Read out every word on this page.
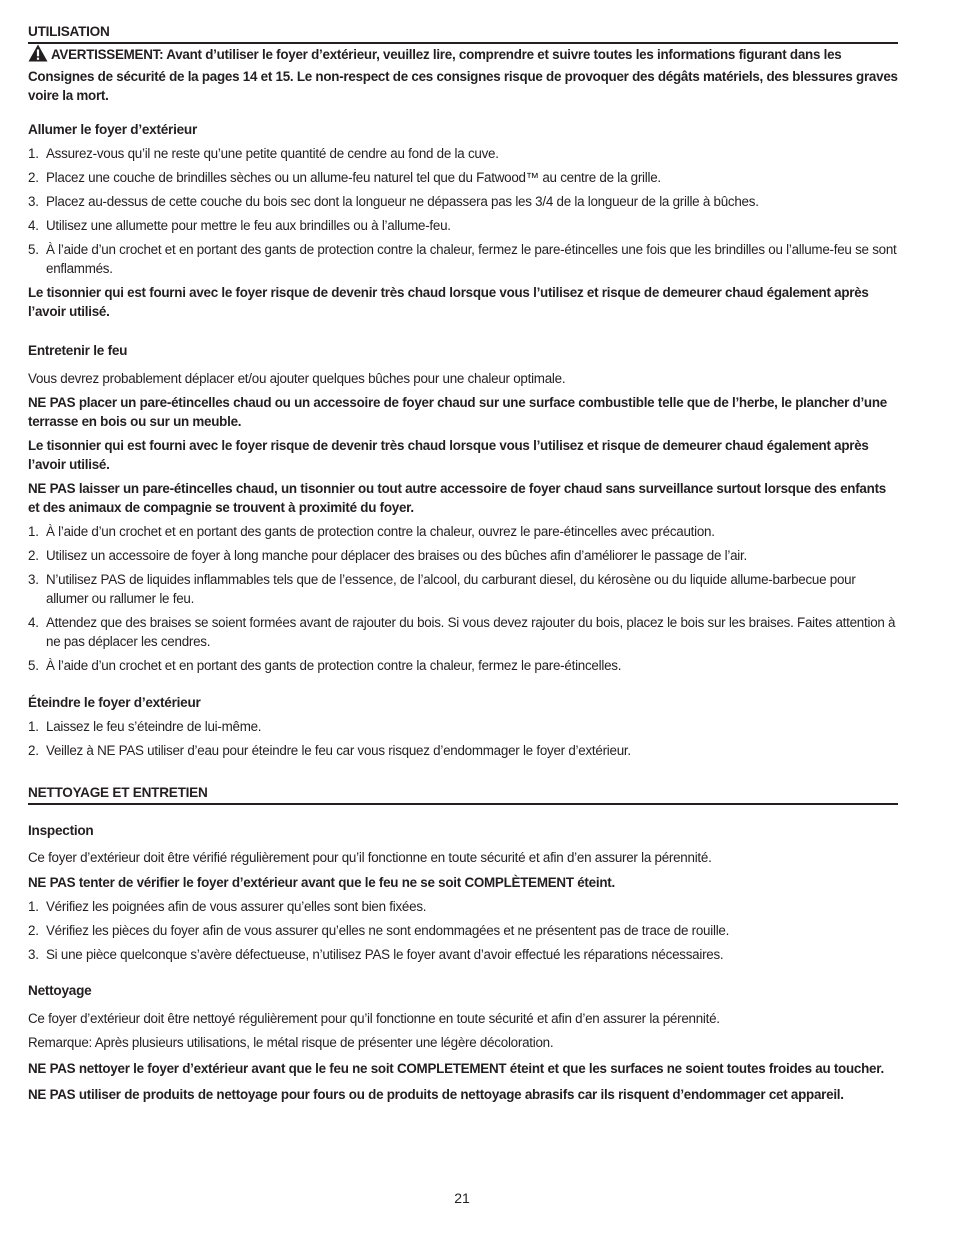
UTILISATION

AVERTISSEMENT: Avant d’utiliser le foyer d’extérieur, veuillez lire, comprendre et suivre toutes les informations figurant dans les Consignes de sécurité de la pages 14 et 15. Le non-respect de ces consignes risque de provoquer des dégâts matériels, des blessures graves voire la mort.

Allumer le foyer d’extérieur

1. Assurez-vous qu’il ne reste qu’une petite quantité de cendre au fond de la cuve.
2. Placez une couche de brindilles sèches ou un allume-feu naturel tel que du Fatwood™ au centre de la grille.
3. Placez au-dessus de cette couche du bois sec dont la longueur ne dépassera pas les 3/4 de la longueur de la grille à bûches.
4. Utilisez une allumette pour mettre le feu aux brindilles ou à l’allume-feu.
5. À l’aide d’un crochet et en portant des gants de protection contre la chaleur, fermez le pare-étincelles une fois que les brindilles ou l’allume-feu se sont enflammés.

Le tisonnier qui est fourni avec le foyer risque de devenir très chaud lorsque vous l’utilisez et risque de demeurer chaud également après l’avoir utilisé.

Entretenir le feu

Vous devrez probablement déplacer et/ou ajouter quelques bûches pour une chaleur optimale.

NE PAS placer un pare-étincelles chaud ou un accessoire de foyer chaud sur une surface combustible telle que de l’herbe, le plancher d’une terrasse en bois ou sur un meuble.

Le tisonnier qui est fourni avec le foyer risque de devenir très chaud lorsque vous l’utilisez et risque de demeurer chaud également après l’avoir utilisé.

NE PAS laisser un pare-étincelles chaud, un tisonnier ou tout autre accessoire de foyer chaud sans surveillance surtout lorsque des enfants et des animaux de compagnie se trouvent à proximité du foyer.

1. À l’aide d’un crochet et en portant des gants de protection contre la chaleur, ouvrez le pare-étincelles avec précaution.
2. Utilisez un accessoire de foyer à long manche pour déplacer des braises ou des bûches afin d’améliorer le passage de l’air.
3. N’utilisez PAS de liquides inflammables tels que de l’essence, de l’alcool, du carburant diesel, du kérosène ou du liquide allume-barbecue pour allumer ou rallumer le feu.
4. Attendez que des braises se soient formées avant de rajouter du bois. Si vous devez rajouter du bois, placez le bois sur les braises. Faites attention à ne pas déplacer les cendres.
5. À l’aide d’un crochet et en portant des gants de protection contre la chaleur, fermez le pare-étincelles.

Éteindre le foyer d’extérieur

1. Laissez le feu s’éteindre de lui-même.
2. Veillez à NE PAS utiliser d’eau pour éteindre le feu car vous risquez d’endommager le foyer d’extérieur.
NETTOYAGE ET ENTRETIEN

Inspection

Ce foyer d’extérieur doit être vérifié régulièrement pour qu’il fonctionne en toute sécurité et afin d’en assurer la pérennité.

NE PAS tenter de vérifier le foyer d’extérieur avant que le feu ne se soit COMPLÈTEMENT éteint.

1. Vérifiez les poignées afin de vous assurer qu’elles sont bien fixées.
2. Vérifiez les pièces du foyer afin de vous assurer qu’elles ne sont endommagées et ne présentent pas de trace de rouille.
3. Si une pièce quelconque s’avère défectueuse, n’utilisez PAS le foyer avant d’avoir effectué les réparations nécessaires.

Nettoyage

Ce foyer d’extérieur doit être nettoyé régulièrement pour qu’il fonctionne en toute sécurité et afin d’en assurer la pérennité.

Remarque: Après plusieurs utilisations, le métal risque de présenter une légère décoloration.

NE PAS nettoyer le foyer d’extérieur avant que le feu ne soit COMPLETEMENT éteint et que les surfaces ne soient toutes froides au toucher.

NE PAS utiliser de produits de nettoyage pour fours ou de produits de nettoyage abrasifs car ils risquent d’endommager cet appareil.

21
